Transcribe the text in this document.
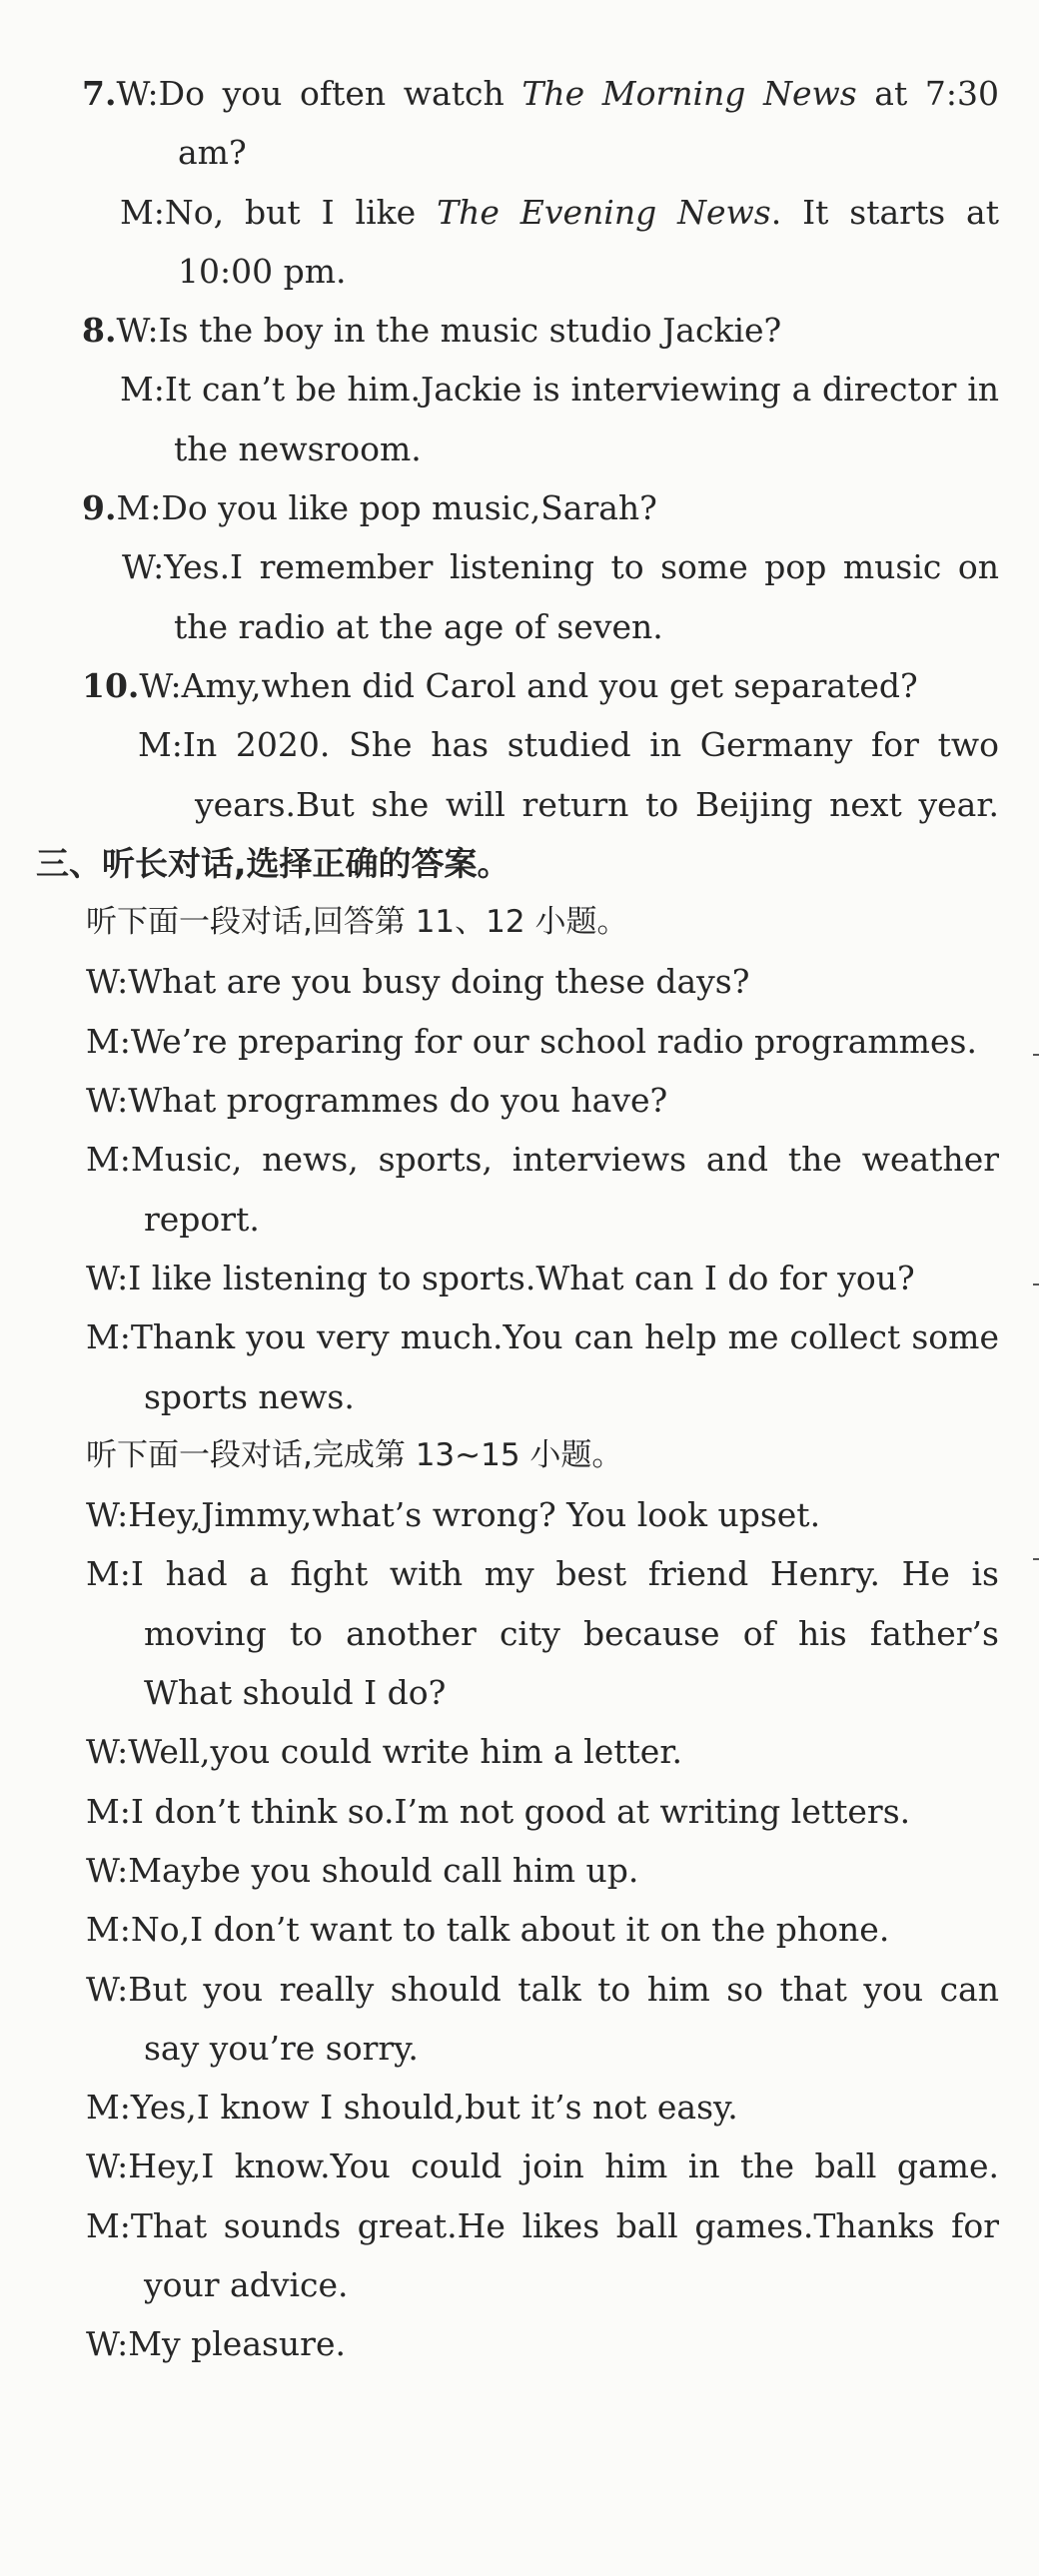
7.W:Do you often watch The Morning News at 7:30
am?
M:No, but I like The Evening News. It starts at
10:00 pm.
8.W:Is the boy in the music studio Jackie?
M:It can’t be him.Jackie is interviewing a director in
the newsroom.
9.M:Do you like pop music,Sarah?
W:Yes.I remember listening to some pop music on
the radio at the age of seven.
10.W:Amy,when did Carol and you get separated?
M:In 2020. She has studied in Germany for two
years.But she will return to Beijing next year.
三、听长对话,选择正确的答案。
听下面一段对话,回答第 11、12 小题。
W:What are you busy doing these days?
M:We’re preparing for our school radio programmes.
W:What programmes do you have?
M:Music, news, sports, interviews and the weather
report.
W:I like listening to sports.What can I do for you?
M:Thank you very much.You can help me collect some
sports news.
听下面一段对话,完成第 13~15 小题。
W:Hey,Jimmy,what’s wrong? You look upset.
M:I had a fight with my best friend Henry. He is
moving to another city because of his father’s
What should I do?
W:Well,you could write him a letter.
M:I don’t think so.I’m not good at writing letters.
W:Maybe you should call him up.
M:No,I don’t want to talk about it on the phone.
W:But you really should talk to him so that you can
say you’re sorry.
M:Yes,I know I should,but it’s not easy.
W:Hey,I know.You could join him in the ball game.
M:That sounds great.He likes ball games.Thanks for
your advice.
W:My pleasure.
